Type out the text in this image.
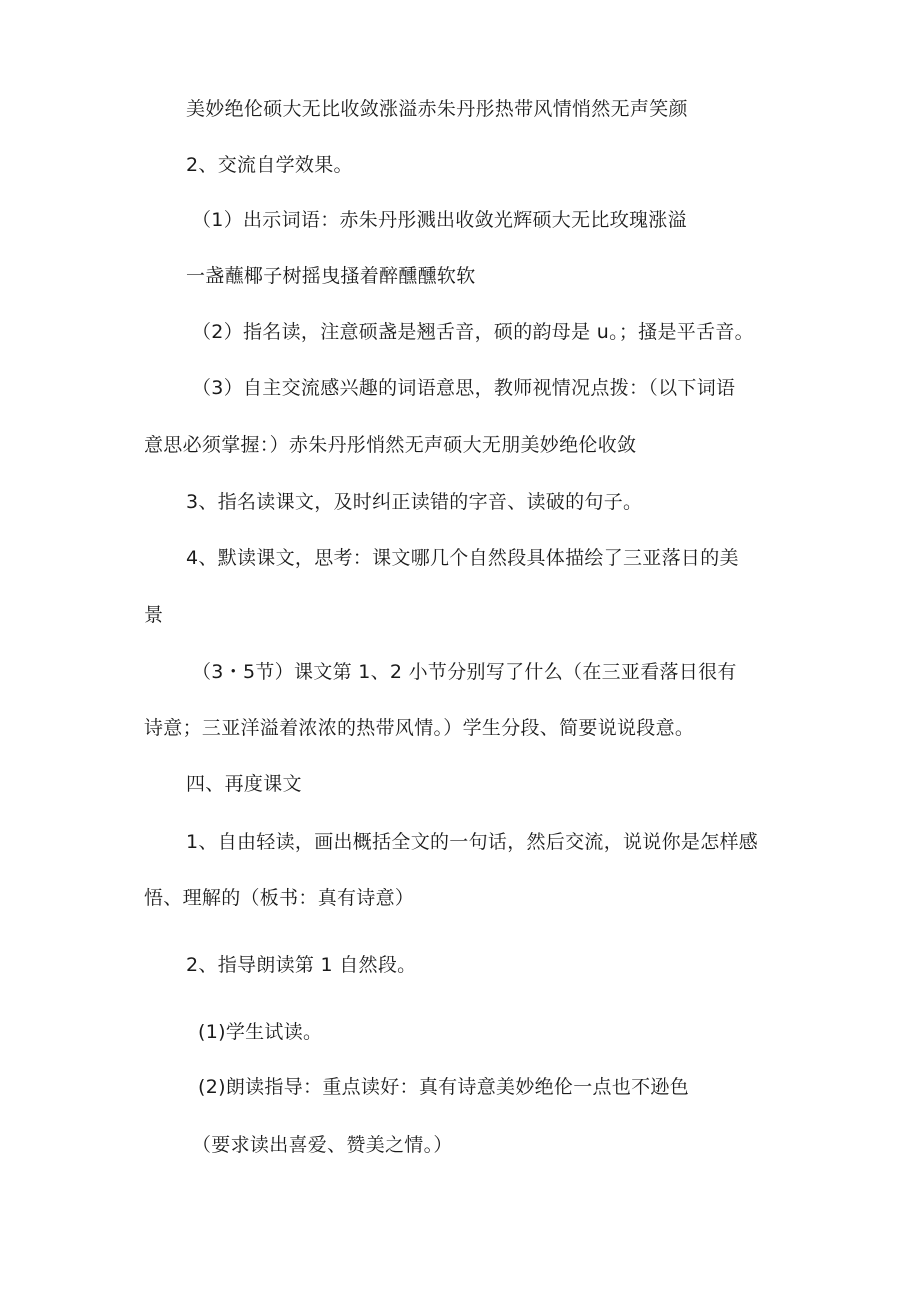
美妙绝伦硕大无比收敛涨溢赤朱丹彤热带风情悄然无声笑颜
2、交流自学效果。
（1）出示词语：赤朱丹彤溅出收敛光辉硕大无比玫瑰涨溢
一盏蘸椰子树摇曳搔着醉醺醺软软
（2）指名读，注意硕盏是翘舌音，硕的韵母是 u。；搔是平舌音。
（3）自主交流感兴趣的词语意思，教师视情况点拨：（以下词语
意思必须掌握：）赤朱丹彤悄然无声硕大无朋美妙绝伦收敛
3、指名读课文，及时纠正读错的字音、读破的句子。
4、默读课文，思考：课文哪几个自然段具体描绘了三亚落日的美
景
（3・5节）课文第 1、2 小节分别写了什么（在三亚看落日很有
诗意；三亚洋溢着浓浓的热带风情。）学生分段、简要说说段意。
四、再度课文
1、自由轻读，画出概括全文的一句话，然后交流，说说你是怎样感
悟、理解的（板书：真有诗意）
2、指导朗读第 1 自然段。
(1)学生试读。
(2)朗读指导：重点读好：真有诗意美妙绝伦一点也不逊色
（要求读出喜爱、赞美之情。）
